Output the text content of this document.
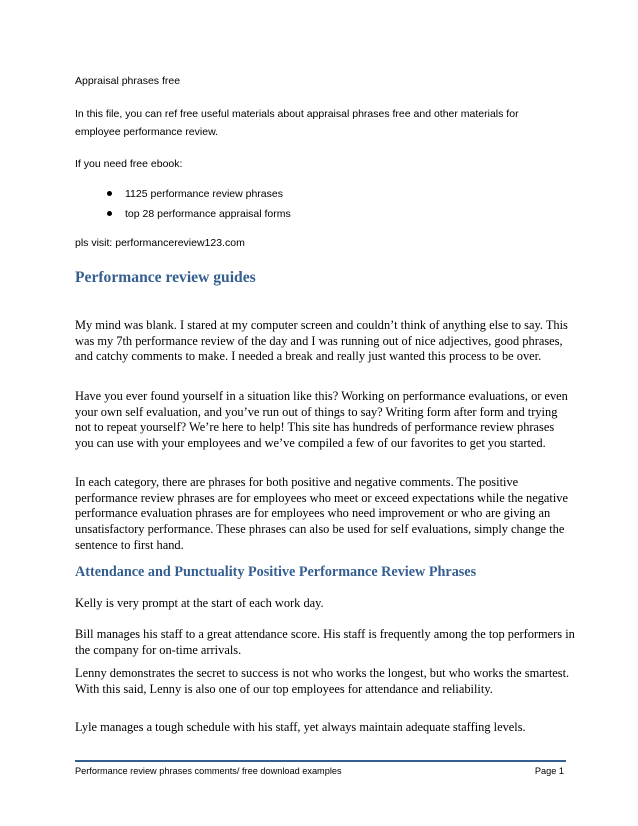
Appraisal phrases free

In this file, you can ref free useful materials about appraisal phrases free and other materials for employee performance review.

If you need free ebook:

1125 performance review phrases
top 28 performance appraisal forms

pls visit: performancereview123.com

Performance review guides

My mind was blank. I stared at my computer screen and couldn’t think of anything else to say. This was my 7th performance review of the day and I was running out of nice adjectives, good phrases, and catchy comments to make. I needed a break and really just wanted this process to be over.

Have you ever found yourself in a situation like this? Working on performance evaluations, or even your own self evaluation, and you’ve run out of things to say? Writing form after form and trying not to repeat yourself? We’re here to help! This site has hundreds of performance review phrases you can use with your employees and we’ve compiled a few of our favorites to get you started.

In each category, there are phrases for both positive and negative comments. The positive performance review phrases are for employees who meet or exceed expectations while the negative performance evaluation phrases are for employees who need improvement or who are giving an unsatisfactory performance. These phrases can also be used for self evaluations, simply change the sentence to first hand.

Attendance and Punctuality Positive Performance Review Phrases

Kelly is very prompt at the start of each work day.

Bill manages his staff to a great attendance score. His staff is frequently among the top performers in the company for on-time arrivals.

Lenny demonstrates the secret to success is not who works the longest, but who works the smartest. With this said, Lenny is also one of our top employees for attendance and reliability.

Lyle manages a tough schedule with his staff, yet always maintain adequate staffing levels.

Performance review phrases comments/ free download examples	Page 1
